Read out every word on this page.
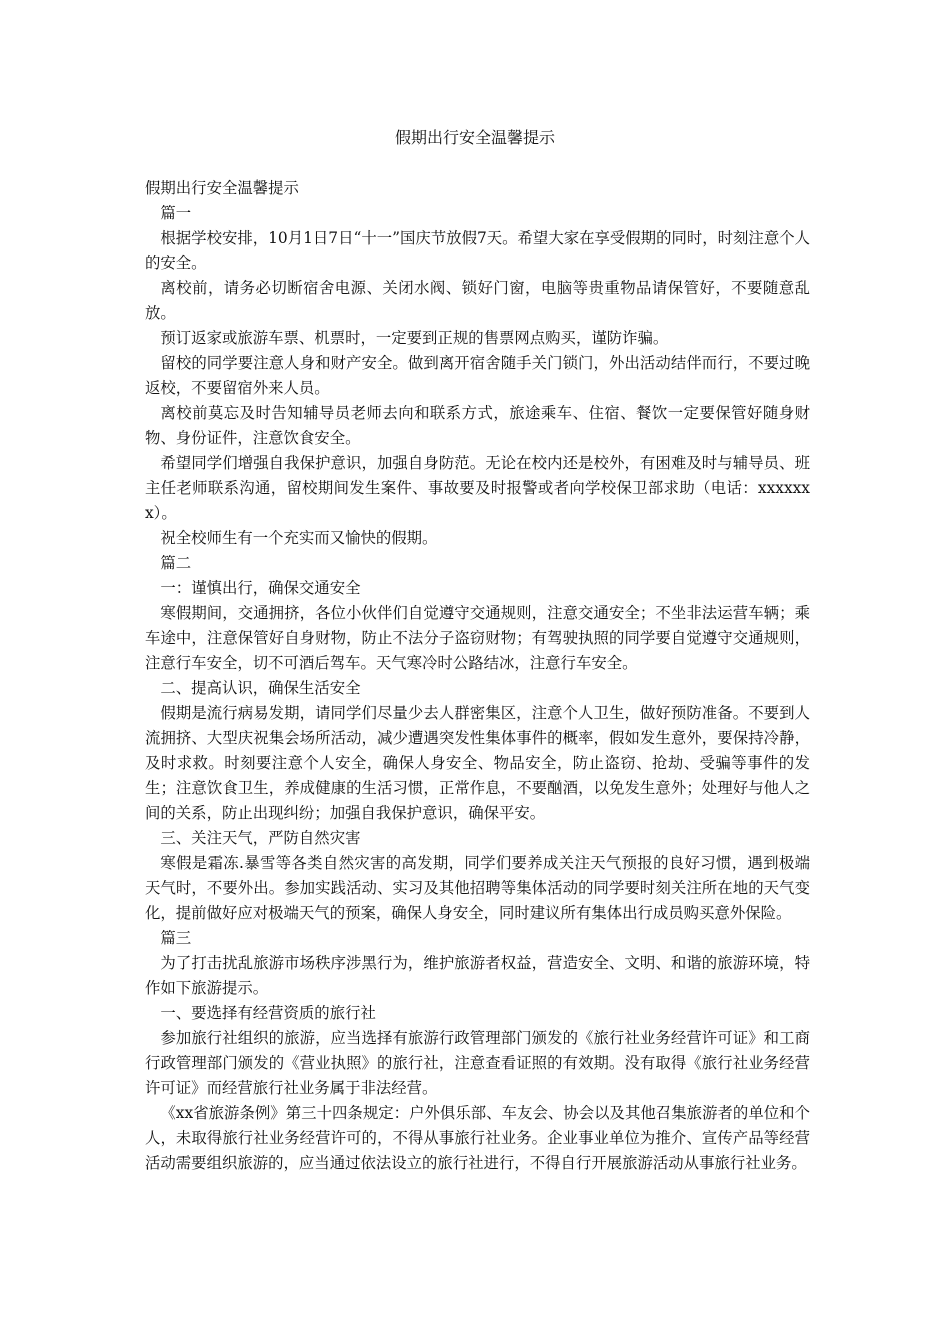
假期出行安全温馨提示

假期出行安全温馨提示

篇一

根据学校安排，10月1日7日“十一”国庆节放假7天。希望大家在享受假期的同时，时刻注意个人的安全。

离校前，请务必切断宿舍电源、关闭水阀、锁好门窗，电脑等贵重物品请保管好，不要随意乱放。

预订返家或旅游车票、机票时，一定要到正规的售票网点购买，谨防诈骗。

留校的同学要注意人身和财产安全。做到离开宿舍随手关门锁门，外出活动结伴而行，不要过晚返校，不要留宿外来人员。

离校前莫忘及时告知辅导员老师去向和联系方式，旅途乘车、住宿、餐饮一定要保管好随身财物、身份证件，注意饮食安全。

希望同学们增强自我保护意识，加强自身防范。无论在校内还是校外，有困难及时与辅导员、班主任老师联系沟通，留校期间发生案件、事故要及时报警或者向学校保卫部求助（电话：xxxxxxx）。

祝全校师生有一个充实而又愉快的假期。

篇二

一：谨慎出行，确保交通安全

寒假期间，交通拥挤，各位小伙伴们自觉遵守交通规则，注意交通安全；不坐非法运营车辆；乘车途中，注意保管好自身财物，防止不法分子盗窃财物；有驾驶执照的同学要自觉遵守交通规则，注意行车安全，切不可酒后驾车。天气寒冷时公路结冰，注意行车安全。

二、提高认识，确保生活安全

假期是流行病易发期，请同学们尽量少去人群密集区，注意个人卫生，做好预防准备。不要到人流拥挤、大型庆祝集会场所活动，减少遭遇突发性集体事件的概率，假如发生意外，要保持冷静，及时求救。时刻要注意个人安全，确保人身安全、物品安全，防止盗窃、抢劫、受骗等事件的发生；注意饮食卫生，养成健康的生活习惯，正常作息，不要酗酒，以免发生意外；处理好与他人之间的关系，防止出现纠纷；加强自我保护意识，确保平安。

三、关注天气，严防自然灾害

寒假是霜冻.暴雪等各类自然灾害的高发期，同学们要养成关注天气预报的良好习惯，遇到极端天气时，不要外出。参加实践活动、实习及其他招聘等集体活动的同学要时刻关注所在地的天气变化，提前做好应对极端天气的预案，确保人身安全，同时建议所有集体出行成员购买意外保险。

篇三

为了打击扰乱旅游市场秩序涉黑行为，维护旅游者权益，营造安全、文明、和谐的旅游环境，特作如下旅游提示。

一、要选择有经营资质的旅行社

参加旅行社组织的旅游，应当选择有旅游行政管理部门颁发的《旅行社业务经营许可证》和工商行政管理部门颁发的《营业执照》的旅行社，注意查看证照的有效期。没有取得《旅行社业务经营许可证》而经营旅行社业务属于非法经营。

《xx省旅游条例》第三十四条规定：户外俱乐部、车友会、协会以及其他召集旅游者的单位和个人，未取得旅行社业务经营许可的，不得从事旅行社业务。企业事业单位为推介、宣传产品等经营活动需要组织旅游的，应当通过依法设立的旅行社进行，不得自行开展旅游活动从事旅行社业务。
